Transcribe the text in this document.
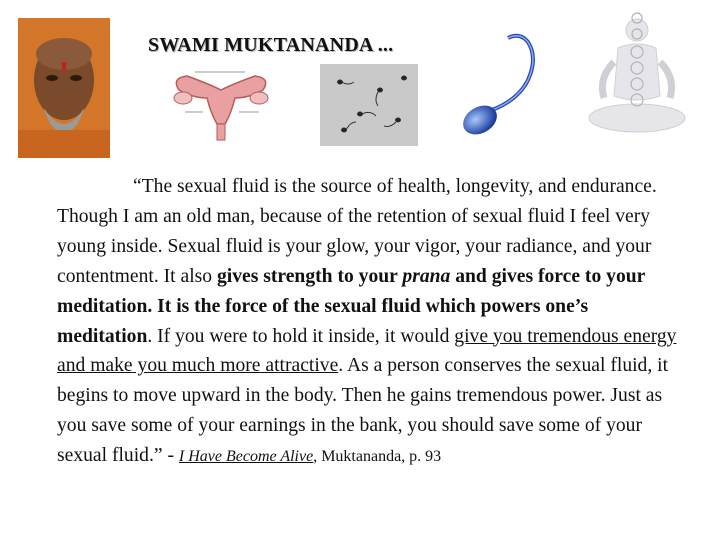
SWAMI MUKTANANDA ...
“The sexual fluid is the source of health, longevity, and endurance. Though I am an old man, because of the retention of sexual fluid I feel very young inside. Sexual fluid is your glow, your vigor, your radiance, and your contentment. It also gives strength to your prana and gives force to your meditation. It is the force of the sexual fluid which powers one’s meditation. If you were to hold it inside, it would give you tremendous energy and make you much more attractive. As a person conserves the sexual fluid, it begins to move upward in the body. Then he gains tremendous power. Just as you save some of your earnings in the bank, you should save some of your sexual fluid.” - I Have Become Alive, Muktananda, p. 93
